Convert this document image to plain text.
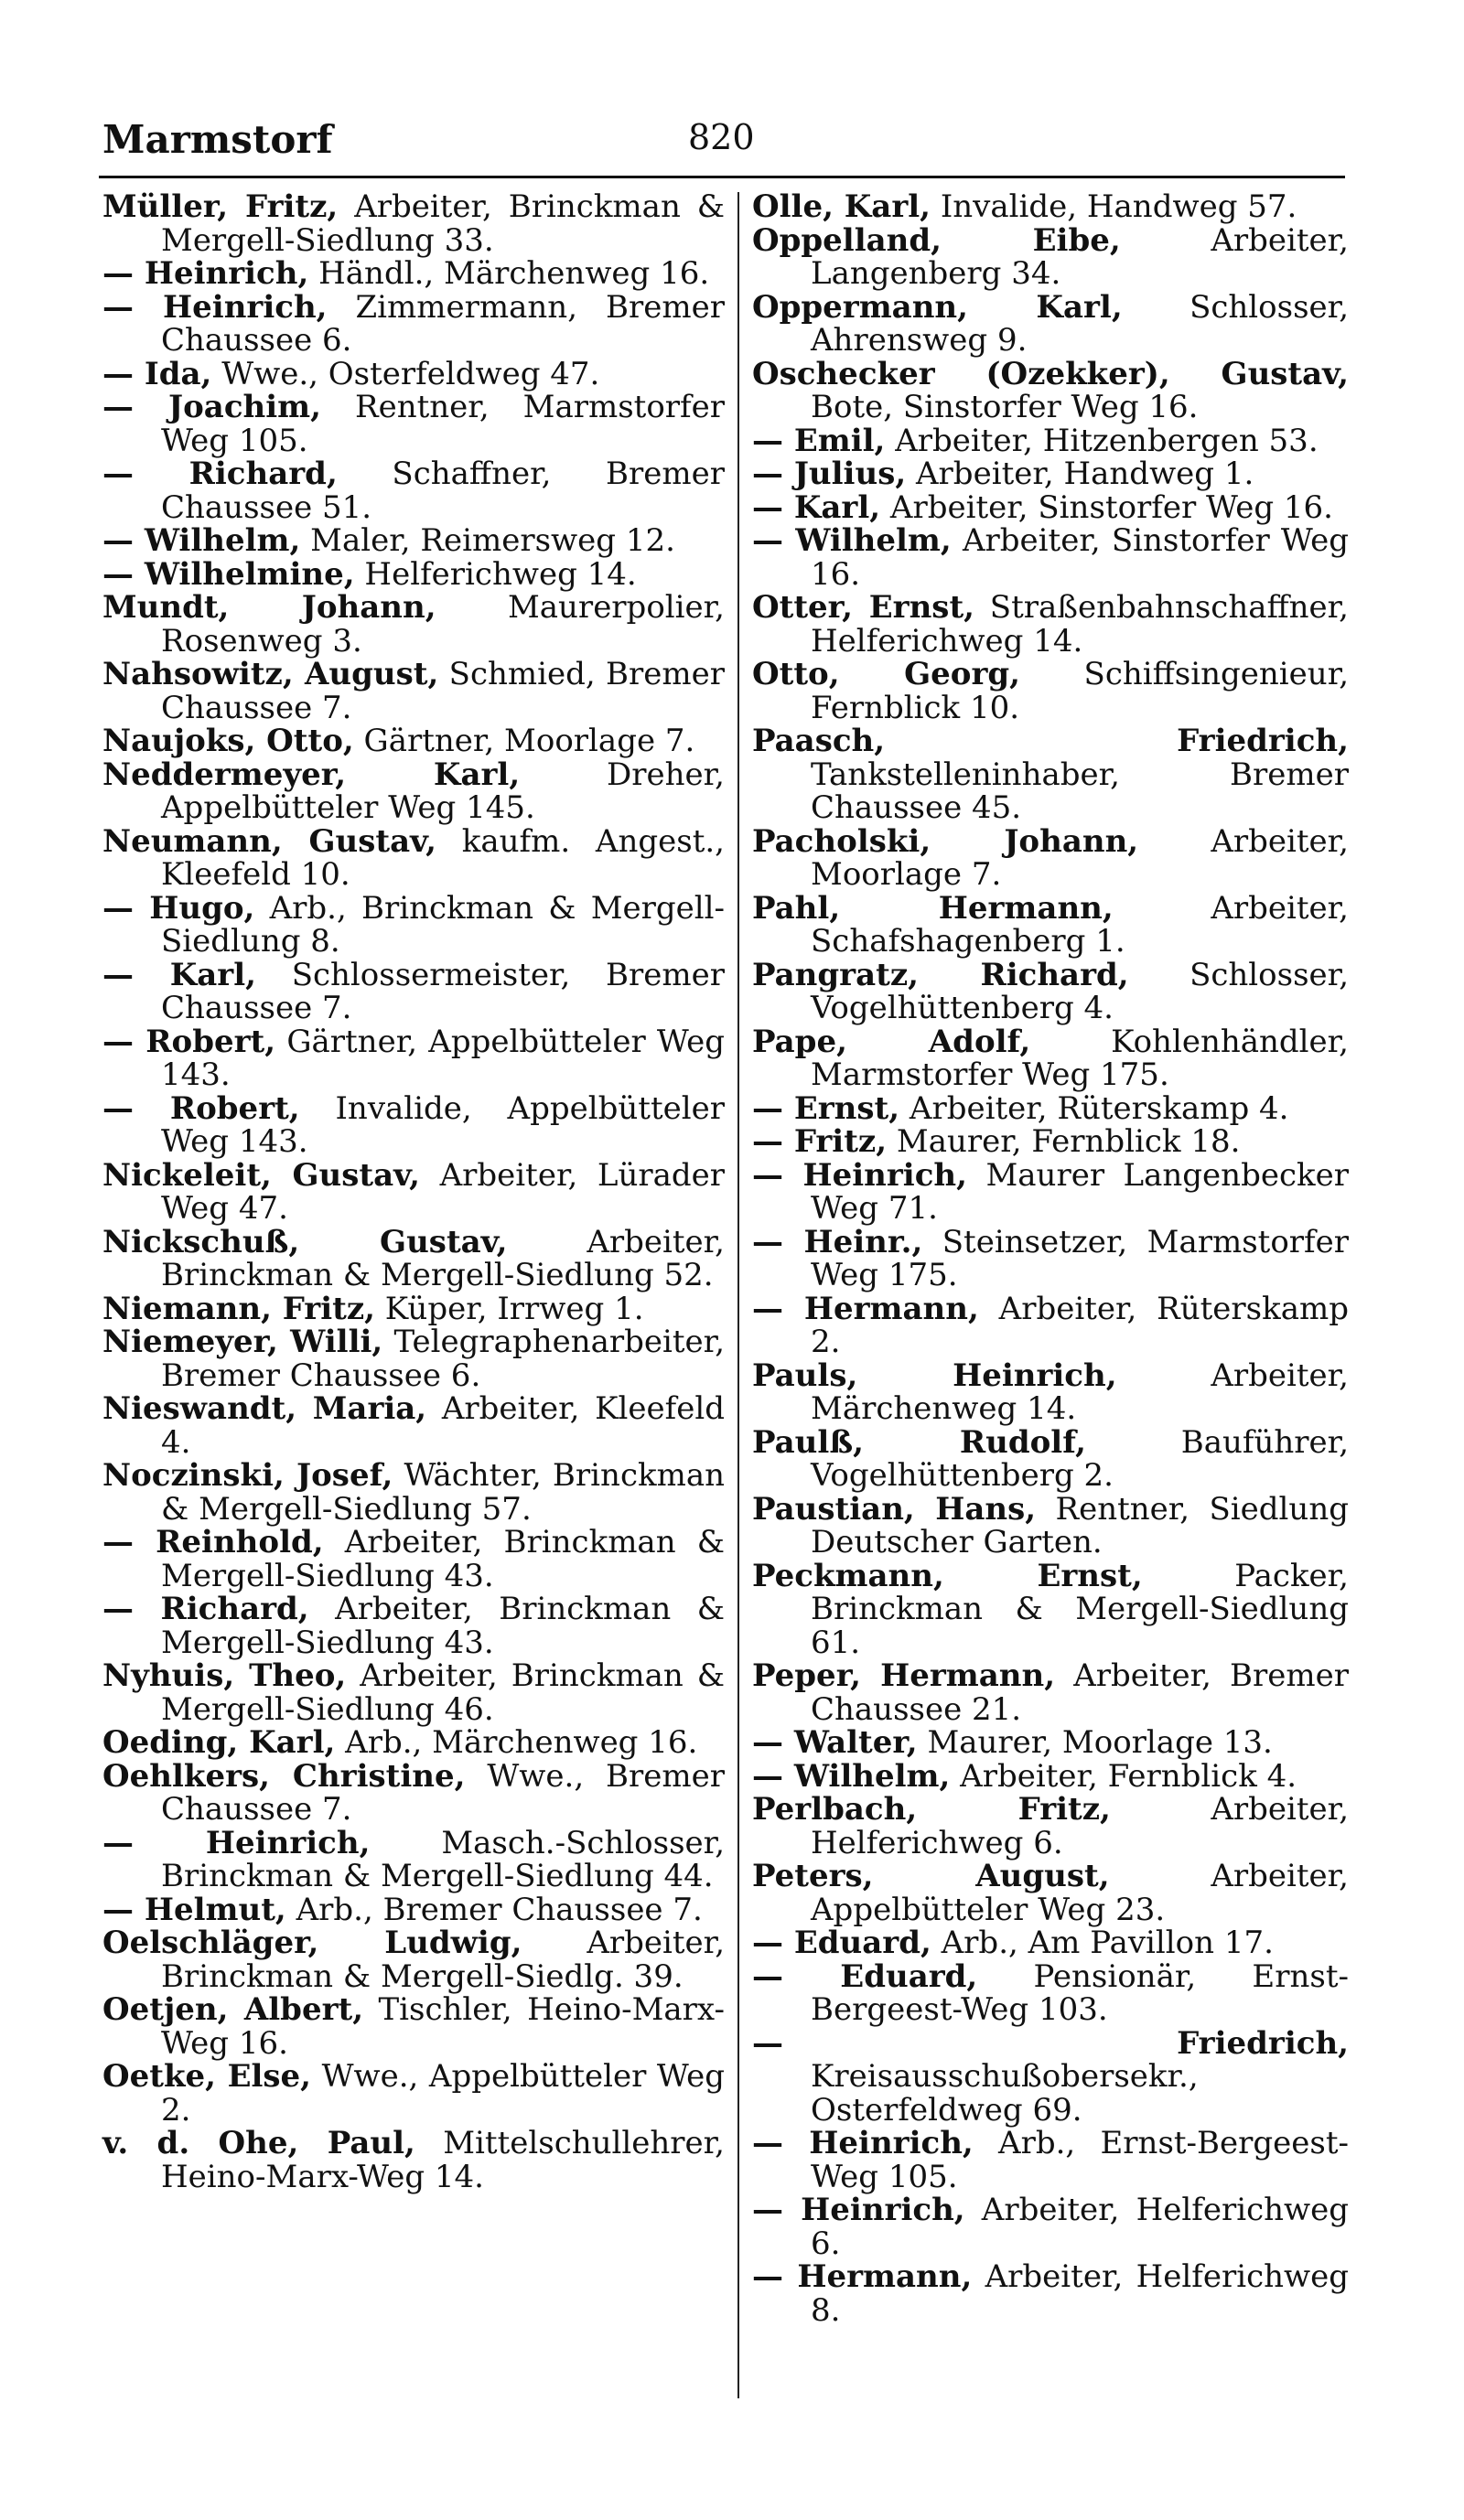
Marmstorf	820
Müller, Fritz, Arbeiter, Brinckman & Mergell-Siedlung 33.
— Heinrich, Händl., Märchenweg 16.
— Heinrich, Zimmermann, Bremer Chaussee 6.
— Ida, Wwe., Osterfeldweg 47.
— Joachim, Rentner, Marmstorfer Weg 105.
— Richard, Schaffner, Bremer Chaussee 51.
— Wilhelm, Maler, Reimersweg 12.
— Wilhelmine, Helferichweg 14.
Mundt, Johann, Maurerpolier, Rosenweg 3.
Nahsowitz, August, Schmied, Bremer Chaussee 7.
Naujoks, Otto, Gärtner, Moorlage 7.
Neddermeyer, Karl,	Dreher, Appelbütteler Weg 145.
Neumann, Gustav, kaufm. Angest., Kleefeld 10.
— Hugo, Arb., Brinckman & Mergell-Siedlung 8.
— Karl, Schlossermeister, Bremer Chaussee 7.
— Robert, Gärtner, Appelbütteler Weg 143.
— Robert, Invalide, Appelbütteler Weg 143.
Nickeleit, Gustav, Arbeiter, Lürader Weg 47.
Nickschuß, Gustav,	Arbeiter, Brinckman & Mergell-Siedlung 52.
Niemann, Fritz, Küper, Irrweg 1.
Niemeyer, Willi, Telegraphenarbeiter, Bremer Chaussee 6.
Nieswandt, Maria, Arbeiter, Kleefeld 4.
Noczinski, Josef, Wächter, Brinckman & Mergell-Siedlung 57.
— Reinhold, Arbeiter, Brinckman & Mergell-Siedlung 43.
— Richard, Arbeiter, Brinckman & Mergell-Siedlung 43.
Nyhuis, Theo, Arbeiter, Brinckman & Mergell-Siedlung 46.
Oeding, Karl, Arb., Märchenweg 16.
Oehlkers, Christine, Wwe., Bremer Chaussee 7.
— Heinrich, Masch.-Schlosser, Brinckman & Mergell-Siedlung 44.
— Helmut, Arb., Bremer Chaussee 7.
Oelschläger, Ludwig, Arbeiter, Brinckman & Mergell-Siedlg. 39.
Oetjen, Albert, Tischler, Heino-Marx-Weg 16.
Oetke, Else, Wwe., Appelbütteler Weg 2.
v. d. Ohe, Paul, Mittelschullehrer, Heino-Marx-Weg 14.
Olle, Karl, Invalide, Handweg 57.
Oppelland, Eibe,	Arbeiter, Langenberg 34.
Oppermann, Karl, Schlosser, Ahrensweg 9.
Oschecker (Ozekker), Gustav, Bote, Sinstorfer Weg 16.
— Emil, Arbeiter, Hitzenbergen 53.
— Julius, Arbeiter, Handweg 1.
— Karl, Arbeiter, Sinstorfer Weg 16.
— Wilhelm, Arbeiter, Sinstorfer Weg 16.
Otter, Ernst, Straßenbahnschaffner, Helferichweg 14.
Otto, Georg, Schiffsingenieur, Fernblick 10.
Paasch, Friedrich, Tankstelleninhaber, Bremer Chaussee 45.
Pacholski, Johann, Arbeiter, Moorlage 7.
Pahl, Hermann,	Arbeiter, Schafshagenberg 1.
Pangratz, Richard, Schlosser, Vogelhüttenberg 4.
Pape, Adolf,	Kohlenhändler, Marmstorfer Weg 175.
— Ernst, Arbeiter, Rüterskamp 4.
— Fritz, Maurer, Fernblick 18.
— Heinrich, Maurer Langenbecker Weg 71.
— Heinr., Steinsetzer, Marmstorfer Weg 175.
— Hermann, Arbeiter, Rüterskamp 2.
Pauls, Heinrich,	Arbeiter, Märchenweg 14.
Paulß, Rudolf,	Bauführer, Vogelhüttenberg 2.
Paustian, Hans, Rentner, Siedlung Deutscher Garten.
Peckmann, Ernst,	Packer, Brinckman & Mergell-Siedlung 61.
Peper, Hermann, Arbeiter, Bremer Chaussee 21.
— Walter, Maurer, Moorlage 13.
— Wilhelm, Arbeiter, Fernblick 4.
Perlbach, Fritz,	Arbeiter, Helferichweg 6.
Peters, August,	Arbeiter, Appelbütteler Weg 23.
— Eduard, Arb., Am Pavillon 17.
— Eduard, Pensionär, Ernst-Bergeest-Weg 103.
— Friedrich, Kreisausschußobersekr., Osterfeldweg 69.
— Heinrich, Arb., Ernst-Bergeest-Weg 105.
— Heinrich, Arbeiter, Helferichweg 6.
— Hermann, Arbeiter, Helferichweg 8.
